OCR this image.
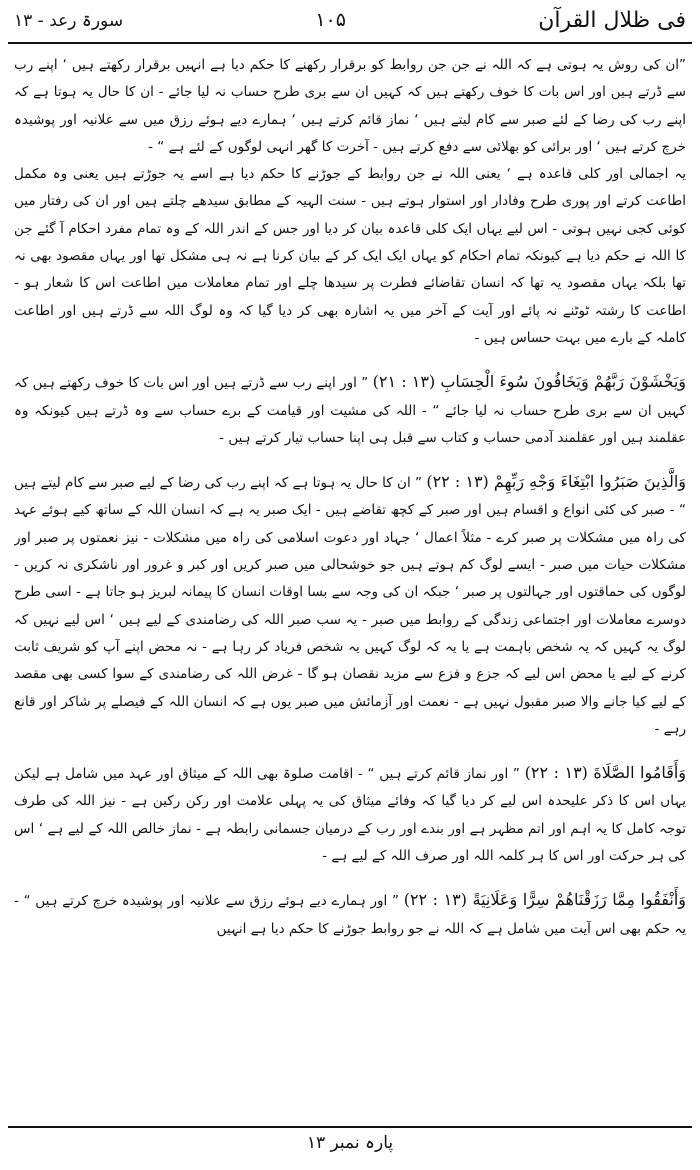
سورۃ رعد - ۱۳	۱۰۵	فی ظلال القرآن

”ان کی روش یہ ہوتی ہے کہ اللہ نے جن جن روابط کو برقرار رکھنے کا حکم دیا ہے انہیں برقرار رکھتے ہیں ‘ اپنے رب سے ڈرتے ہیں اور اس بات کا خوف رکھتے ہیں کہ کہیں ان سے بری طرح حساب نہ لیا جائے - ان کا حال یہ ہوتا ہے کہ اپنے رب کی رضا کے لئے صبر سے کام لیتے ہیں ‘ نماز قائم کرتے ہیں ‘ ہمارے دیے ہوئے رزق میں سے علانیہ اور پوشیدہ خرچ کرتے ہیں ‘ اور برائی کو بھلائی سے دفع کرتے ہیں - آخرت کا گھر انہی لوگوں کے لئے ہے “ -

یہ اجمالی اور کلی قاعدہ ہے ‘ یعنی اللہ نے جن روابط کے جوڑنے کا حکم دیا ہے اسے یہ جوڑتے ہیں یعنی وہ مکمل اطاعت کرتے اور پوری طرح وفادار اور استوار ہوتے ہیں - سنت الہیہ کے مطابق سیدھے چلتے ہیں اور ان کی رفتار میں کوئی کجی نہیں ہوتی - اس لیے یہاں ایک کلی قاعدہ بیان کر دیا اور جس کے اندر اللہ کے وہ تمام مفرد احکام آ گئے جن کا اللہ نے حکم دیا ہے کیونکہ تمام احکام کو یہاں ایک ایک کر کے بیان کرنا ہے نہ ہی مشکل تھا اور یہاں مقصود بھی نہ تھا بلکہ یہاں مقصود یہ تھا کہ انسان تقاضائے فطرت پر سیدھا چلے اور تمام معاملات میں اطاعت اس کا شعار ہو - اطاعت کا رشتہ ٹوٹنے نہ پائے اور آیت کے آخر میں یہ اشارہ بھی کر دیا گیا کہ وہ لوگ اللہ سے ڈرتے ہیں اور اطاعت کاملہ کے بارے میں بہت حساس ہیں -

وَيَخْشَوْنَ رَبَّهُمْ وَيَخَافُونَ سُوءَ الْحِسَابِ (۱۳ : ۲۱) ” اور اپنے رب سے ڈرتے ہیں اور اس بات کا خوف رکھتے ہیں کہ کہیں ان سے بری طرح حساب نہ لیا جائے “ - اللہ کی مشیت اور قیامت کے برے حساب سے وہ ڈرتے ہیں کیونکہ وہ عقلمند ہیں اور عقلمند آدمی حساب و کتاب سے قبل ہی اپنا حساب تیار کرتے ہیں -

وَالَّذِينَ صَبَرُوا ابْتِغَاءَ وَجْهِ رَبِّهِمْ (۱۳ : ۲۲) ” ان کا حال یہ ہوتا ہے کہ اپنے رب کی رضا کے لیے صبر سے کام لیتے ہیں “ - صبر کی کئی انواع و اقسام ہیں اور صبر کے کچھ تقاضے ہیں - ایک صبر یہ ہے کہ انسان اللہ کے ساتھ کیے ہوئے عہد کی راہ میں مشکلات پر صبر کرے - مثلاً اعمال ‘ جہاد اور دعوت اسلامی کی راہ میں مشکلات - نیز نعمتوں پر صبر اور مشکلات حیات میں صبر - ایسے لوگ کم ہوتے ہیں جو خوشحالی میں صبر کریں اور کبر و غرور اور ناشکری نہ کریں - لوگوں کی حماقتوں اور جہالتوں پر صبر ‘ جبکہ ان کی وجہ سے بسا اوقات انسان کا پیمانہ لبریز ہو جاتا ہے - اسی طرح دوسرے معاملات اور اجتماعی زندگی کے روابط میں صبر - یہ سب صبر اللہ کی رضامندی کے لیے ہیں ‘ اس لیے نہیں کہ لوگ یہ کہیں کہ یہ شخص باہمت ہے یا یہ کہ لوگ کہیں یہ شخص فریاد کر رہا ہے - نہ محض اپنے آپ کو شریف ثابت کرنے کے لیے یا محض اس لیے کہ جزع و فزع سے مزید نقصان ہو گا - غرض اللہ کی رضامندی کے سوا کسی بھی مقصد کے لیے کیا جانے والا صبر مقبول نہیں ہے - نعمت اور آزمائش میں صبر یوں ہے کہ انسان اللہ کے فیصلے پر شاکر اور قانع رہے -

وَأَقَامُوا الصَّلَاةَ (۱۳ : ۲۲) ” اور نماز قائم کرتے ہیں “ - اقامت صلوۃ بھی اللہ کے میثاق اور عہد میں شامل ہے لیکن یہاں اس کا ذکر علیحدہ اس لیے کر دیا گیا کہ وفائے میثاق کی یہ پہلی علامت اور رکن رکین ہے - نیز اللہ کی طرف توجہ کامل کا یہ اہم اور اتم مظہر ہے اور بندے اور رب کے درمیان جسمانی رابطہ ہے - نماز خالص اللہ کے لیے ہے ‘ اس کی ہر حرکت اور اس کا ہر کلمہ اللہ اور صرف اللہ کے لیے ہے -

وَأَنْفَقُوا مِمَّا رَزَقْنَاهُمْ سِرًّا وَعَلَانِيَةً (۱۳ : ۲۲) ” اور ہمارے دیے ہوئے رزق سے علانیہ اور پوشیدہ خرچ کرتے ہیں “ - یہ حکم بھی اس آیت میں شامل ہے کہ اللہ نے جو روابط جوڑنے کا حکم دیا ہے انہیں

پارہ نمبر ۱۳
